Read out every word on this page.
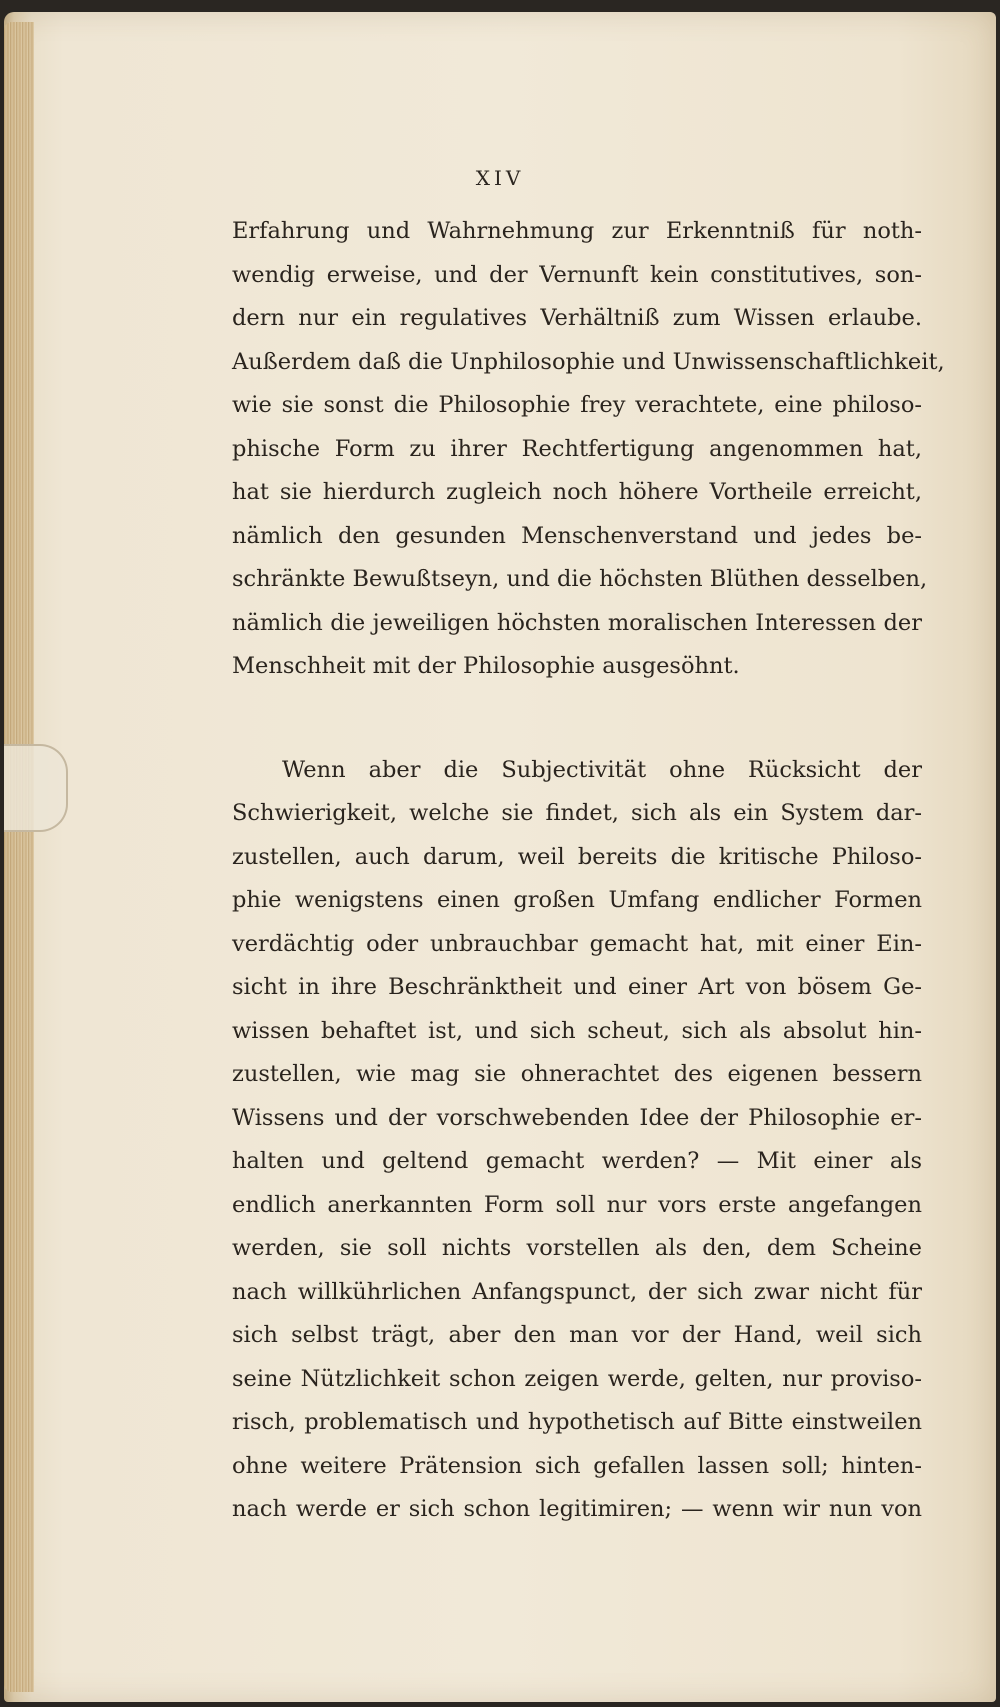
XIV
Erfahrung und Wahrnehmung zur Erkenntniß für noth-
wendig erweise, und der Vernunft kein constitutives, son-
dern nur ein regulatives Verhältniß zum Wissen erlaube.
Außerdem daß die Unphilosophie und Unwissenschaftlichkeit,
wie sie sonst die Philosophie frey verachtete, eine philoso-
phische Form zu ihrer Rechtfertigung angenommen hat,
hat sie hierdurch zugleich noch höhere Vortheile erreicht,
nämlich den gesunden Menschenverstand und jedes be-
schränkte Bewußtseyn, und die höchsten Blüthen desselben,
nämlich die jeweiligen höchsten moralischen Interessen der
Menschheit mit der Philosophie ausgesöhnt.
Wenn aber die Subjectivität ohne Rücksicht der
Schwierigkeit, welche sie findet, sich als ein System dar-
zustellen, auch darum, weil bereits die kritische Philoso-
phie wenigstens einen großen Umfang endlicher Formen
verdächtig oder unbrauchbar gemacht hat, mit einer Ein-
sicht in ihre Beschränktheit und einer Art von bösem Ge-
wissen behaftet ist, und sich scheut, sich als absolut hin-
zustellen, wie mag sie ohnerachtet des eigenen bessern
Wissens und der vorschwebenden Idee der Philosophie er-
halten und geltend gemacht werden? — Mit einer als
endlich anerkannten Form soll nur vors erste angefangen
werden, sie soll nichts vorstellen als den, dem Scheine
nach willkührlichen Anfangspunct, der sich zwar nicht für
sich selbst trägt, aber den man vor der Hand, weil sich
seine Nützlichkeit schon zeigen werde, gelten, nur proviso-
risch, problematisch und hypothetisch auf Bitte einstweilen
ohne weitere Prätension sich gefallen lassen soll; hinten-
nach werde er sich schon legitimiren; — wenn wir nun von
